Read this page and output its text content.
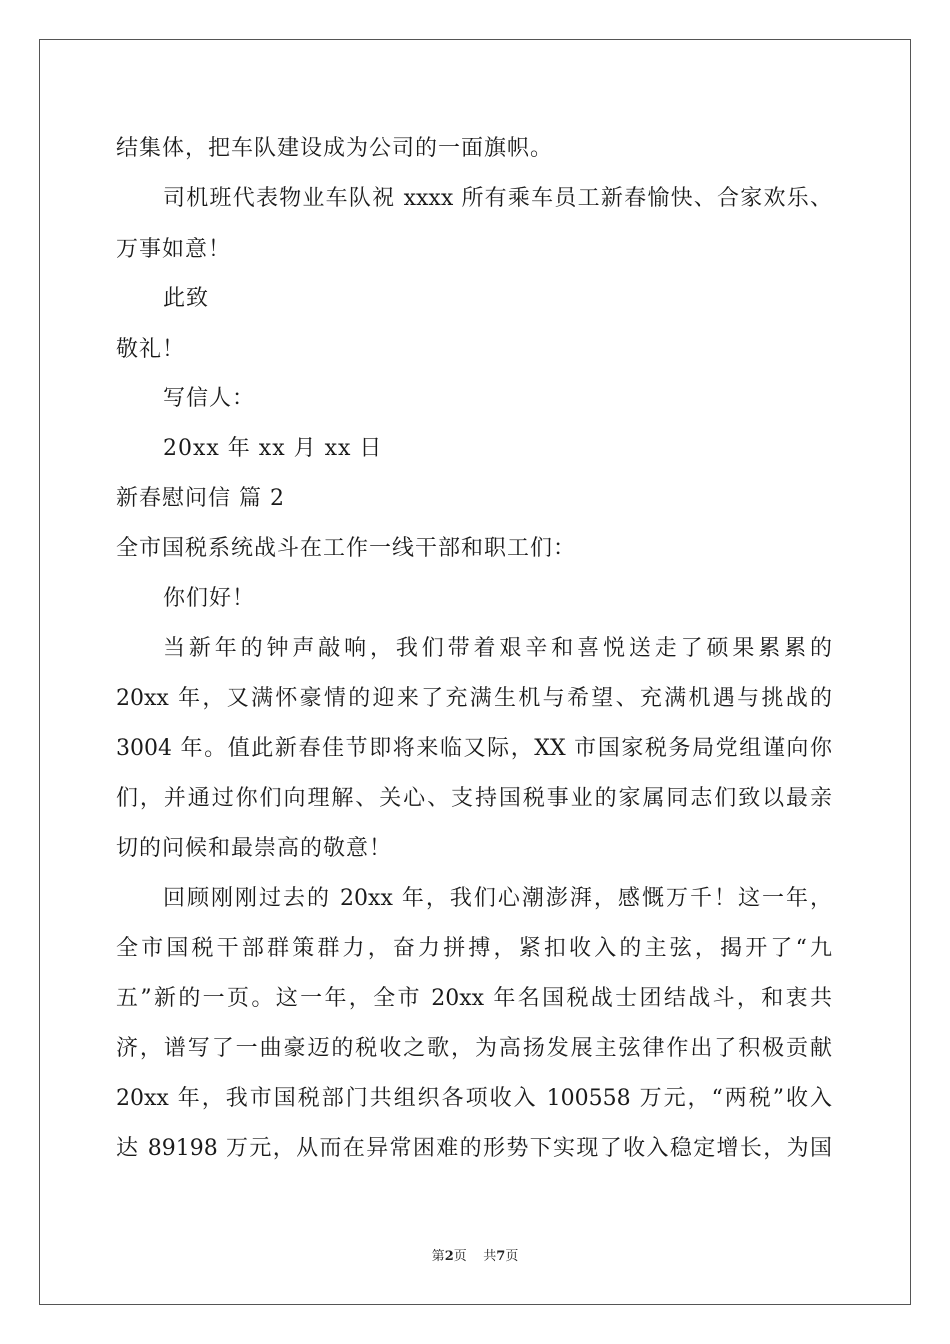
结集体，把车队建设成为公司的一面旗帜。
司机班代表物业车队祝 xxxx 所有乘车员工新春愉快、合家欢乐、
万事如意！
此致
敬礼！
写信人：
20xx 年 xx 月 xx 日
新春慰问信 篇 2
全市国税系统战斗在工作一线干部和职工们：
你们好！
当新年的钟声敲响，我们带着艰辛和喜悦送走了硕果累累的
20xx 年，又满怀豪情的迎来了充满生机与希望、充满机遇与挑战的
3004 年。值此新春佳节即将来临又际，XX 市国家税务局党组谨向你
们，并通过你们向理解、关心、支持国税事业的家属同志们致以最亲
切的问候和最崇高的敬意！
回顾刚刚过去的 20xx 年，我们心潮澎湃，感慨万千！这一年，
全市国税干部群策群力，奋力拼搏，紧扣收入的主弦，揭开了“九
五”新的一页。这一年，全市 20xx 年名国税战士团结战斗，和衷共
济，谱写了一曲豪迈的税收之歌，为高扬发展主弦律作出了积极贡献
20xx 年，我市国税部门共组织各项收入 100558 万元，“两税”收入
达 89198 万元，从而在异常困难的形势下实现了收入稳定增长，为国
第2页    共7页
